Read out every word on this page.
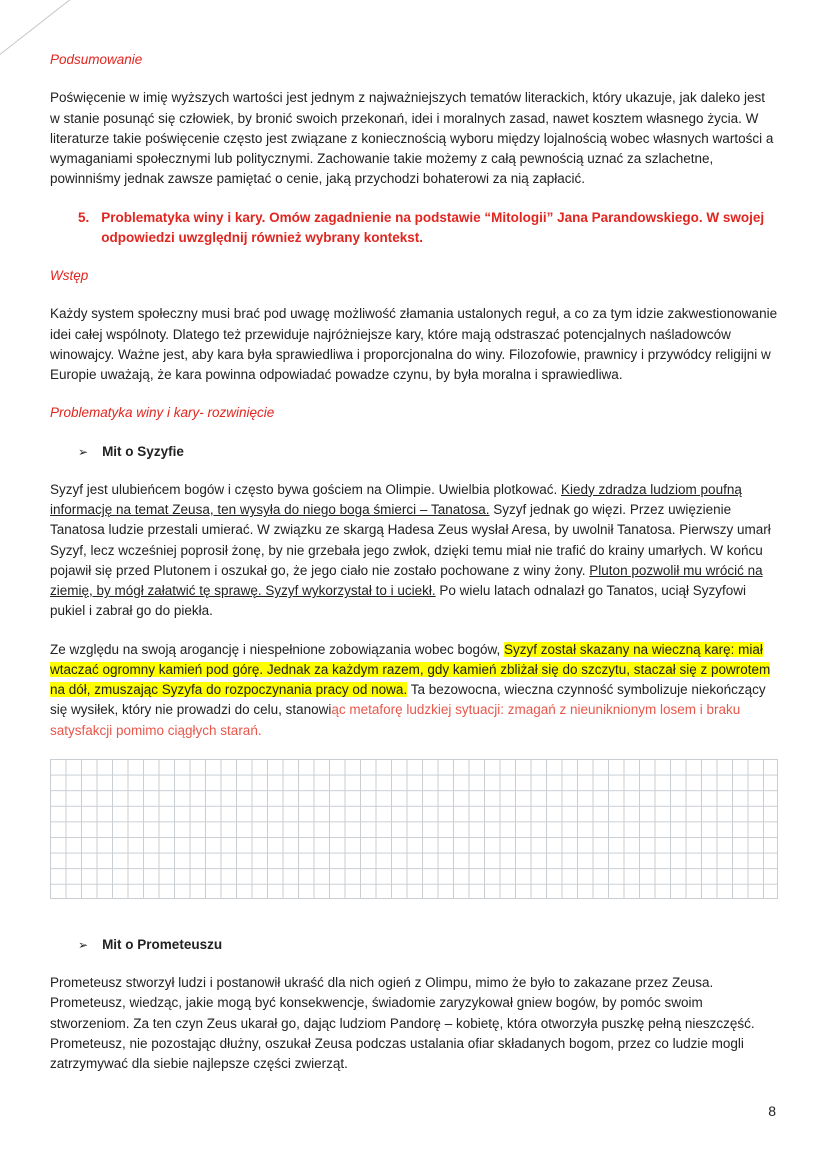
Podsumowanie

Poświęcenie w imię wyższych wartości jest jednym z najważniejszych tematów literackich, który ukazuje, jak daleko jest w stanie posunąć się człowiek, by bronić swoich przekonań, idei i moralnych zasad, nawet kosztem własnego życia. W literaturze takie poświęcenie często jest związane z koniecznością wyboru między lojalnością wobec własnych wartości a wymaganiami społecznymi lub politycznymi. Zachowanie takie możemy z całą pewnością uznać za szlachetne, powinniśmy jednak zawsze pamiętać o cenie, jaką przychodzi bohaterowi za nią zapłacić.

5. Problematyka winy i kary. Omów zagadnienie na podstawie “Mitologii” Jana Parandowskiego. W swojej odpowiedzi uwzględnij również wybrany kontekst.
Wstęp

Każdy system społeczny musi brać pod uwagę możliwość złamania ustalonych reguł, a co za tym idzie zakwestionowanie idei całej wspólnoty. Dlatego też przewiduje najróżniejsze kary, które mają odstraszać potencjalnych naśladowców winowajcy. Ważne jest, aby kara była sprawiedliwa i proporcjonalna do winy. Filozofowie, prawnicy i przywódcy religijni w Europie uważają, że kara powinna odpowiadać powadze czynu, by była moralna i sprawiedliwa.

Problematyka winy i kary- rozwinięcie
➢ Mit o Syzyfie

Syzyf jest ulubieńcem bogów i często bywa gościem na Olimpie. Uwielbia plotkować. Kiedy zdradza ludziom poufną informację na temat Zeusa, ten wysyła do niego boga śmierci – Tanatosa. Syzyf jednak go więzi. Przez uwięzienie Tanatosa ludzie przestali umierać. W związku ze skargą Hadesa Zeus wysłał Aresa, by uwolnił Tanatosa. Pierwszy umarł Syzyf, lecz wcześniej poprosił żonę, by nie grzebała jego zwłok, dzięki temu miał nie trafić do krainy umarłych. W końcu pojawił się przed Plutonem i oszukał go, że jego ciało nie zostało pochowane z winy żony. Pluton pozwolił mu wrócić na ziemię, by mógł załatwić tę sprawę. Syzyf wykorzystał to i uciekł. Po wielu latach odnalazł go Tanatos, uciął Syzyfowi pukiel i zabrał go do piekła.

Ze względu na swoją arogancję i niespełnione zobowiązania wobec bogów, Syzyf został skazany na wieczną karę: miał wtaczać ogromny kamień pod górę. Jednak za każdym razem, gdy kamień zbliżał się do szczytu, staczał się z powrotem na dół, zmuszając Syzyfa do rozpoczynania pracy od nowa. Ta bezowocna, wieczna czynność symbolizuje niekończący się wysiłek, który nie prowadzi do celu, stanowiąc metaforę ludzkiej sytuacji: zmagań z nieuniknionym losem i braku satysfakcji pomimo ciągłych starań.

➢ Mit o Prometeuszu

Prometeusz stworzył ludzi i postanowił ukraść dla nich ogień z Olimpu, mimo że było to zakazane przez Zeusa. Prometeusz, wiedząc, jakie mogą być konsekwencje, świadomie zaryzykował gniew bogów, by pomóc swoim stworzeniom. Za ten czyn Zeus ukarał go, dając ludziom Pandorę – kobietę, która otworzyła puszkę pełną nieszczęść. Prometeusz, nie pozostając dłużny, oszukał Zeusa podczas ustalania ofiar składanych bogom, przez co ludzie mogli zatrzymywać dla siebie najlepsze części zwierząt.

8
